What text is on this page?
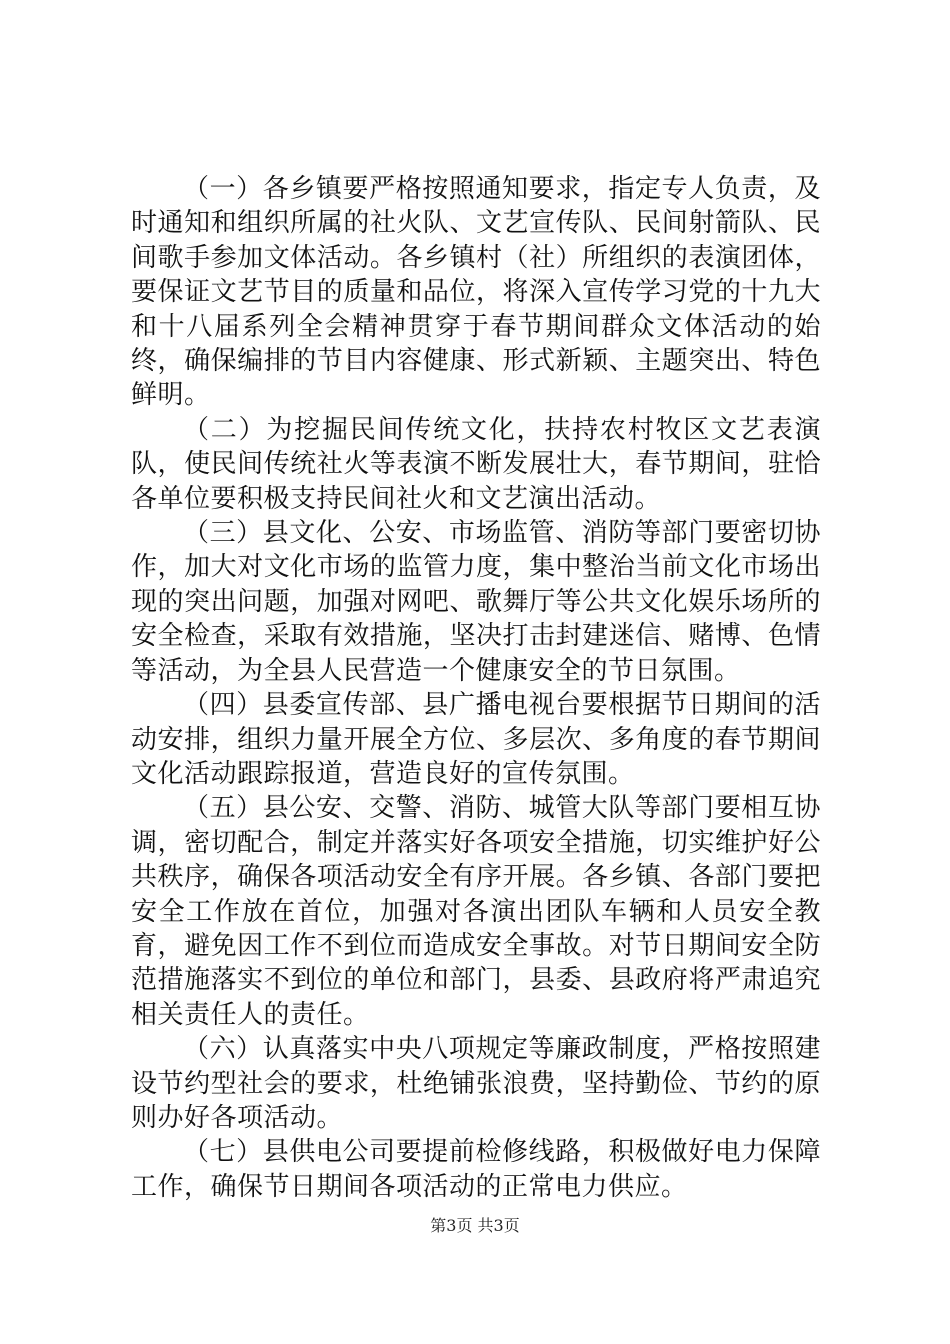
（一）各乡镇要严格按照通知要求，指定专人负责，及时通知和组织所属的社火队、文艺宣传队、民间射箭队、民间歌手参加文体活动。各乡镇村（社）所组织的表演团体，要保证文艺节目的质量和品位，将深入宣传学习党的十九大和十八届系列全会精神贯穿于春节期间群众文体活动的始终，确保编排的节目内容健康、形式新颖、主题突出、特色鲜明。

（二）为挖掘民间传统文化，扶持农村牧区文艺表演队，使民间传统社火等表演不断发展壮大，春节期间，驻恰各单位要积极支持民间社火和文艺演出活动。

（三）县文化、公安、市场监管、消防等部门要密切协作，加大对文化市场的监管力度，集中整治当前文化市场出现的突出问题，加强对网吧、歌舞厅等公共文化娱乐场所的安全检查，采取有效措施，坚决打击封建迷信、赌博、色情等活动，为全县人民营造一个健康安全的节日氛围。

（四）县委宣传部、县广播电视台要根据节日期间的活动安排，组织力量开展全方位、多层次、多角度的春节期间文化活动跟踪报道，营造良好的宣传氛围。

（五）县公安、交警、消防、城管大队等部门要相互协调，密切配合，制定并落实好各项安全措施，切实维护好公共秩序，确保各项活动安全有序开展。各乡镇、各部门要把安全工作放在首位，加强对各演出团队车辆和人员安全教育，避免因工作不到位而造成安全事故。对节日期间安全防范措施落实不到位的单位和部门，县委、县政府将严肃追究相关责任人的责任。

（六）认真落实中央八项规定等廉政制度，严格按照建设节约型社会的要求，杜绝铺张浪费，坚持勤俭、节约的原则办好各项活动。

（七）县供电公司要提前检修线路，积极做好电力保障工作，确保节日期间各项活动的正常电力供应。

第3页 共3页
